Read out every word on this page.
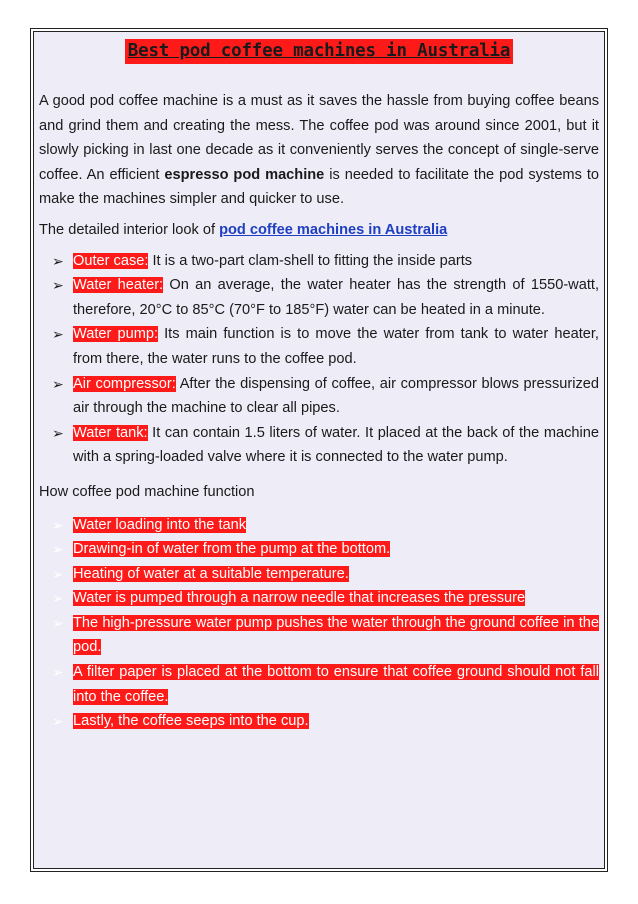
Best pod coffee machines in Australia

A good pod coffee machine is a must as it saves the hassle from buying coffee beans and grind them and creating the mess. The coffee pod was around since 2001, but it slowly picking in last one decade as it conveniently serves the concept of single-serve coffee. An efficient espresso pod machine is needed to facilitate the pod systems to make the machines simpler and quicker to use.

The detailed interior look of pod coffee machines in Australia

➢ Outer case: It is a two-part clam-shell to fitting the inside parts
➢ Water heater: On an average, the water heater has the strength of 1550-watt, therefore, 20°C to 85°C (70°F to 185°F) water can be heated in a minute.
➢ Water pump: Its main function is to move the water from tank to water heater, from there, the water runs to the coffee pod.
➢ Air compressor: After the dispensing of coffee, air compressor blows pressurized air through the machine to clear all pipes.
➢ Water tank: It can contain 1.5 liters of water. It placed at the back of the machine with a spring-loaded valve where it is connected to the water pump.

How coffee pod machine function

➢ Water loading into the tank
➢ Drawing-in of water from the pump at the bottom.
➢ Heating of water at a suitable temperature.
➢ Water is pumped through a narrow needle that increases the pressure
➢ The high-pressure water pump pushes the water through the ground coffee in the pod.
➢ A filter paper is placed at the bottom to ensure that coffee ground should not fall into the coffee.
➢ Lastly, the coffee seeps into the cup.
